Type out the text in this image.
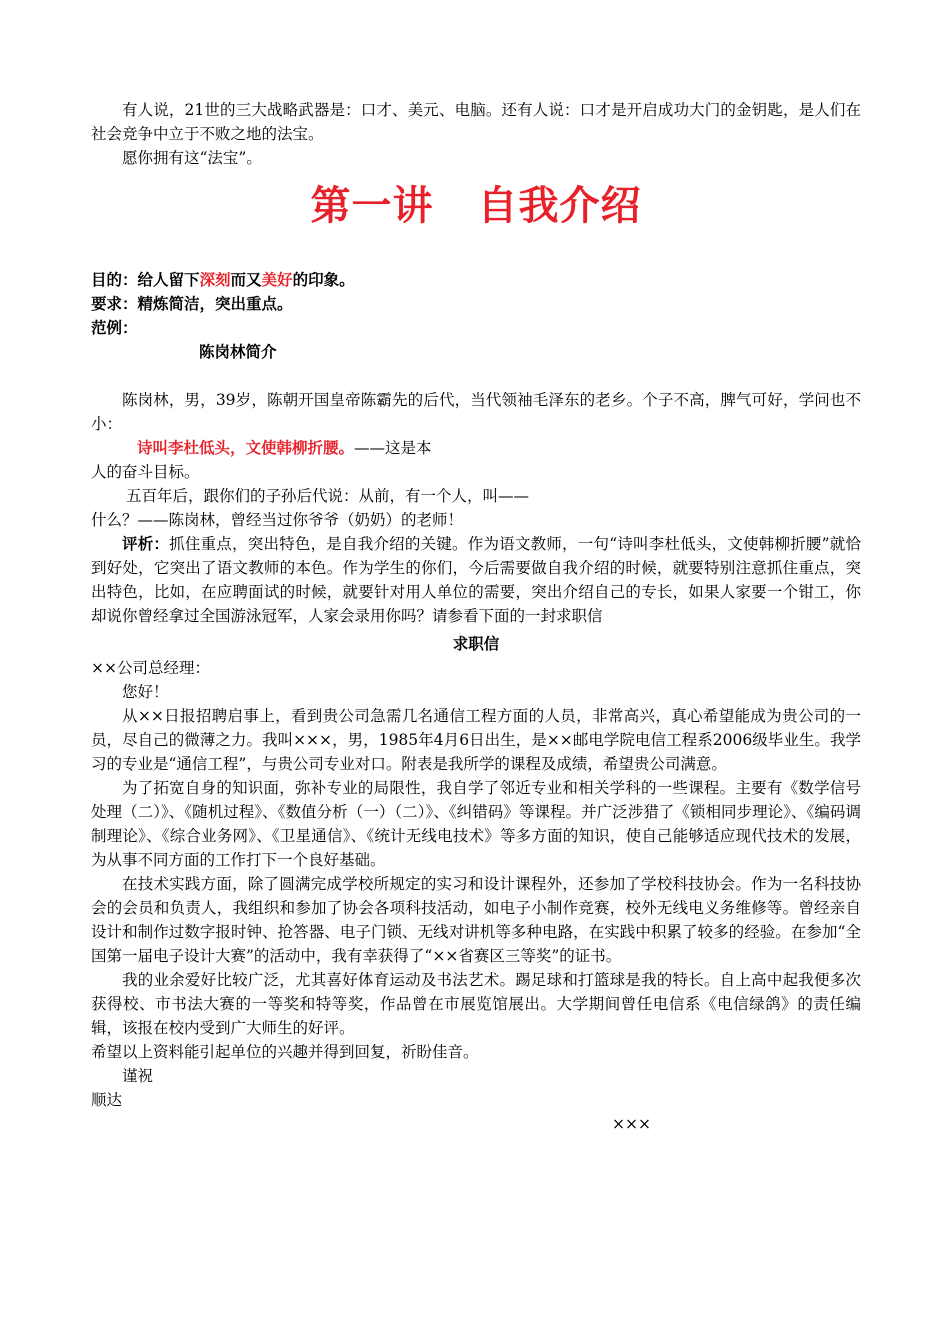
有人说，21世的三大战略武器是：口才、美元、电脑。还有人说：口才是开启成功大门的金钥匙，是人们在社会竞争中立于不败之地的法宝。

愿你拥有这“法宝”。

第一讲 自我介绍

目的：给人留下深刻而又美好的印象。

要求：精炼简洁，突出重点。

范例：

陈岗林简介

陈岗林，男，39岁，陈朝开国皇帝陈霸先的后代，当代领袖毛泽东的老乡。个子不高，脾气可好，学问也不小：

诗叫李杜低头，文使韩柳折腰。——这是本

人的奋斗目标。

五百年后，跟你们的子孙后代说：从前，有一个人，叫——

什么？——陈岗林，曾经当过你爷爷（奶奶）的老师！

评析：抓住重点，突出特色，是自我介绍的关键。作为语文教师，一句“诗叫李杜低头，文使韩柳折腰”就恰到好处，它突出了语文教师的本色。作为学生的你们，今后需要做自我介绍的时候，就要特别注意抓住重点，突出特色，比如，在应聘面试的时候，就要针对用人单位的需要，突出介绍自己的专长，如果人家要一个钳工，你却说你曾经拿过全国游泳冠军，人家会录用你吗？请参看下面的一封求职信

求职信

××公司总经理：

您好！

从××日报招聘启事上，看到贵公司急需几名通信工程方面的人员，非常高兴，真心希望能成为贵公司的一员，尽自己的微薄之力。我叫×××，男，1985年4月6日出生，是××邮电学院电信工程系2006级毕业生。我学习的专业是“通信工程”，与贵公司专业对口。附表是我所学的课程及成绩，希望贵公司满意。

为了拓宽自身的知识面，弥补专业的局限性，我自学了邻近专业和相关学科的一些课程。主要有《数学信号处理（二）》、《随机过程》、《数值分析（一）（二）》、《纠错码》等课程。并广泛涉猎了《锁相同步理论》、《编码调制理论》、《综合业务网》、《卫星通信》、《统计无线电技术》等多方面的知识，使自己能够适应现代技术的发展，为从事不同方面的工作打下一个良好基础。

在技术实践方面，除了圆满完成学校所规定的实习和设计课程外，还参加了学校科技协会。作为一名科技协会的会员和负责人，我组织和参加了协会各项科技活动，如电子小制作竞赛，校外无线电义务维修等。曾经亲自设计和制作过数字报时钟、抢答器、电子门锁、无线对讲机等多种电路，在实践中积累了较多的经验。在参加“全国第一届电子设计大赛”的活动中，我有幸获得了“××省赛区三等奖”的证书。

我的业余爱好比较广泛，尤其喜好体育运动及书法艺术。踢足球和打篮球是我的特长。自上高中起我便多次获得校、市书法大赛的一等奖和特等奖，作品曾在市展览馆展出。大学期间曾任电信系《电信绿鸽》的责任编辑，该报在校内受到广大师生的好评。

希望以上资料能引起单位的兴趣并得到回复，祈盼佳音。

谨祝

顺达

×××
